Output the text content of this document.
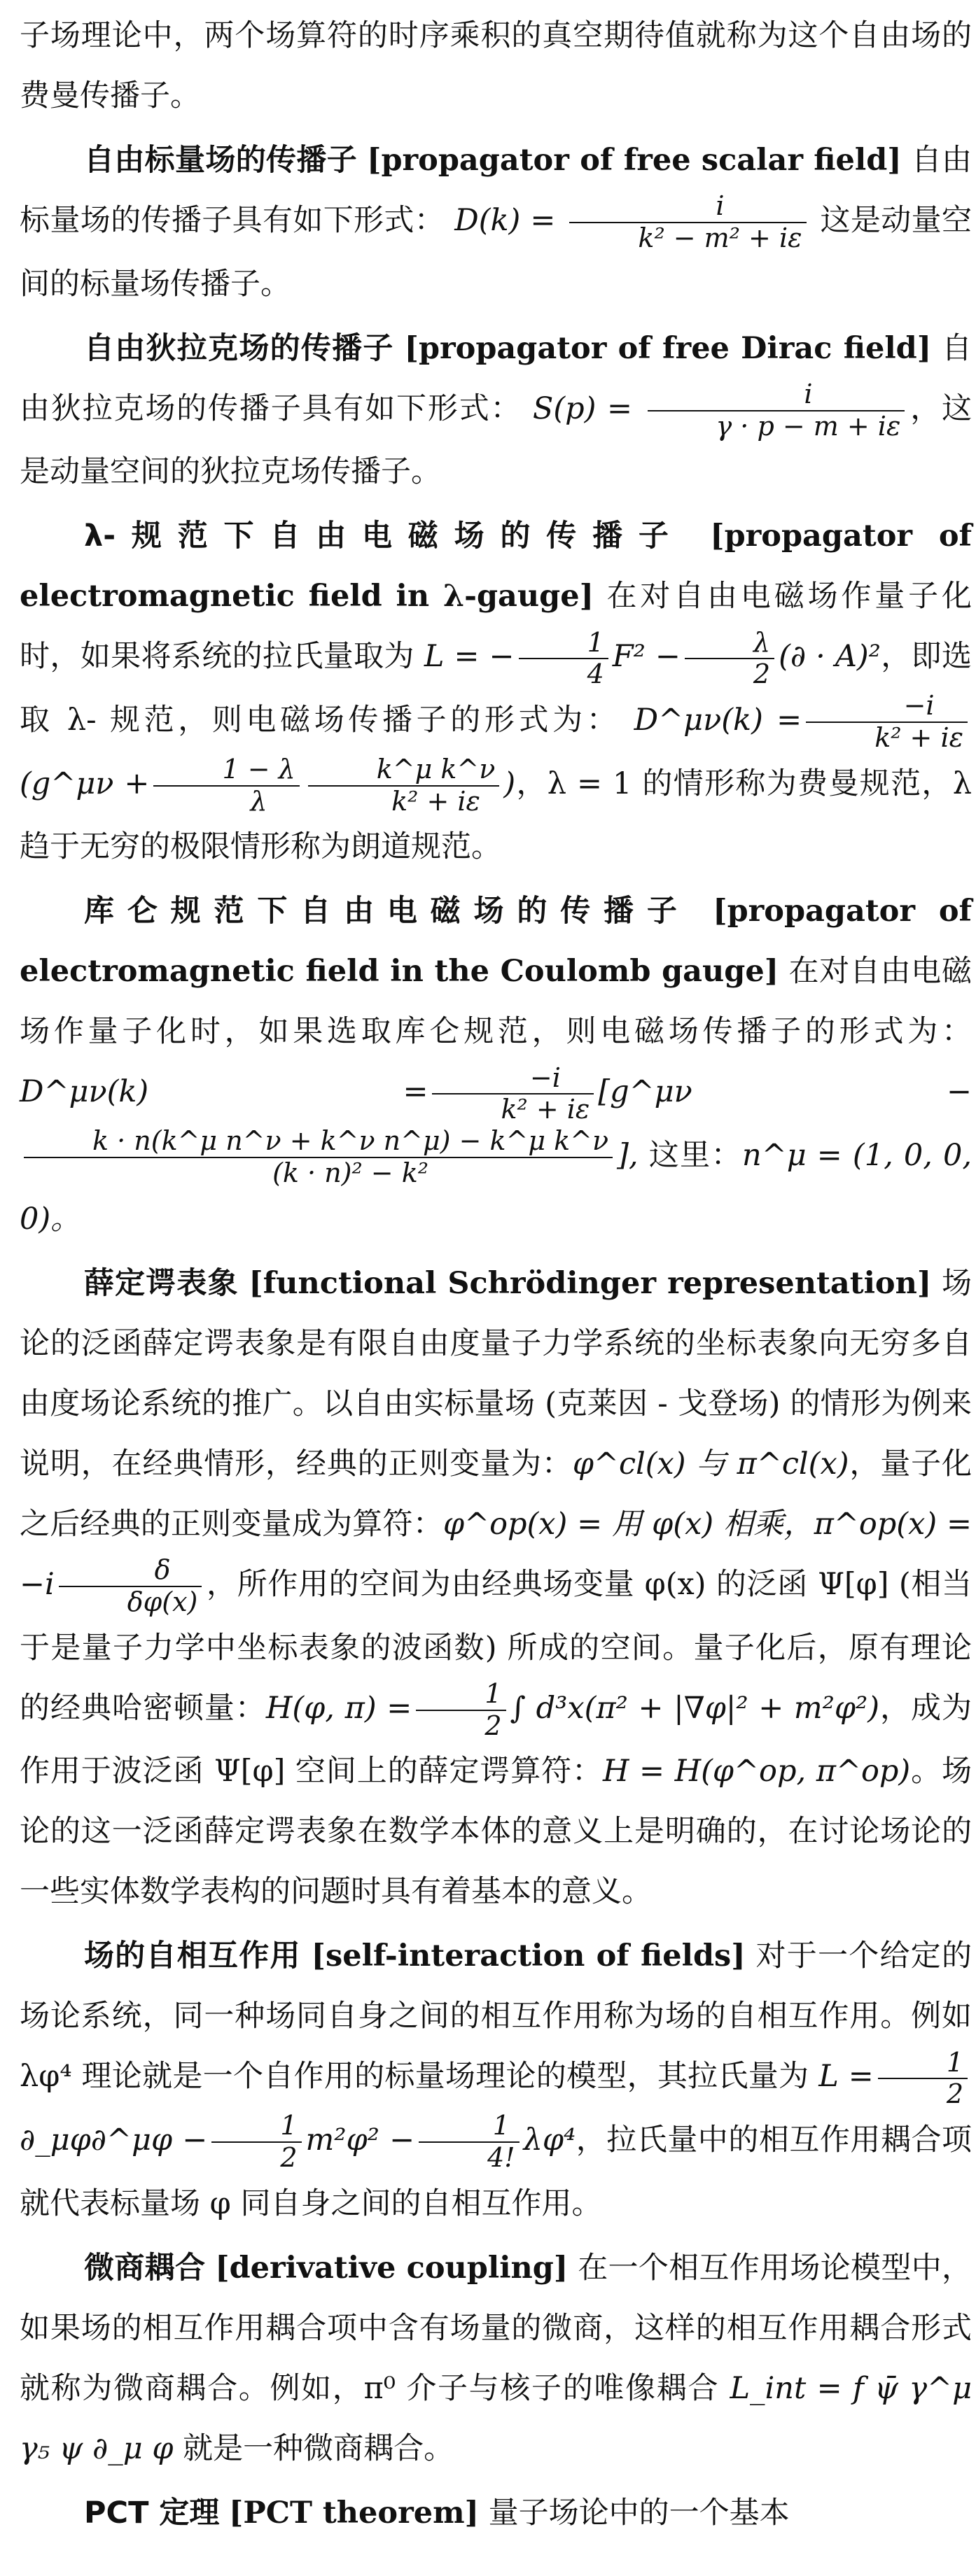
子场理论中，两个场算符的时序乘积的真空期待值就称为这个自由场的费曼传播子。

自由标量场的传播子 [propagator of free scalar field] 自由标量场的传播子具有如下形式： $D(k) = \frac{i}{\text{k² − m² + iε}}$ 这是动量空间的标量场传播子。

自由狄拉克场的传播子 [propagator of free Dirac field] 自由狄拉克场的传播子具有如下形式： $S(p) = \frac{i}{\gamma \cdot p - m + i\varepsilon}$ ，这是动量空间的狄拉克场传播子。

λ-规范下自由电磁场的传播子 [propagator of electromagnetic field in λ-gauge] 在对自由电磁场作量子化时，如果将系统的拉氏量取为 L = − $\frac{1}{4} F^2 - \frac{\lambda}{2}$ (∂ · A)²，即选取 λ- 规范，则电磁场传播子的形式为： D^μν(k) = $\frac{-i}{\text{k² + iε}}$
(g^μν + $\frac{1 - \lambda}{\lambda} \frac{\text{k\textasciicircum{}μ k\textasciicircum{}ν}}{\text{k² + iε}}$ )，λ = 1 的情形称为费曼规范，λ 趋于无穷的极限情形称为朗道规范。

库仑规范下自由电磁场的传播子 [propagator of electromagnetic field in the Coulomb gauge] 在对自由电磁场作量子化时，如果选取库仑规范，则电磁场传播子的形式为： D^μν(k) = $\frac{-i}{\text{k² + iε}}$ [g^μν −
$\frac{\text{k · n(k\textasciicircum{}μ n\textasciicircum{}ν + k\textasciicircum{}ν n\textasciicircum{}μ) − k\textasciicircum{}μ k\textasciicircum{}ν}}{\text{(k · n)² − k²}}$ ], 这里：n^μ = (1, 0, 0, 0)。

薛定谔表象 [functional Schrödinger representation] 场论的泛函薛定谔表象是有限自由度量子力学系统的坐标表象向无穷多自由度场论系统的推广。以自由实标量场 (克莱因 - 戈登场) 的情形为例来说明，在经典情形，经典的正则变量为：φ^cl(x) 与 π^cl(x)，量子化之后经典的正则变量成为算符：φ^op(x) = 用 φ(x) 相乘，π^op(x) = $-i \frac{\delta}{\delta\varphi(x)}$ ，所作用的空间为由经典场变量 φ(x) 的泛函 Ψ[φ] (相当于是量子力学中坐标表象的波函数) 所成的空间。量子化后，原有理论的经典哈密顿量：H(φ, $\pi) = \frac{1}{2}$ ∫ d³x(π² + |∇φ|² + m²φ²)，成为作用于波泛函 Ψ[φ] 空间上的薛定谔算符：H = H(φ^op, π^op)。场论的这一泛函薛定谔表象在数学本体的意义上是明确的，在讨论场论的一些实体数学表构的问题时具有着基本的意义。

场的自相互作用 [self-interaction of fields] 对于一个给定的场论系统，同一种场同自身之间的相互作用称为场的自相互作用。例如 λφ⁴ 理论就是一个自作用的标量场理论的模型，其拉氏量为 $L = \frac{1}{2}$
∂_μφ∂^μφ − $\frac{1}{2} m^2\varphi^2 - \frac{1}{4!} \lambda\varphi^4$，拉氏量中的相互作用耦合项就代表标量场 φ 同自身之间的自相互作用。

微商耦合 [derivative coupling] 在一个相互作用场论模型中，如果场的相互作用耦合项中含有场量的微商，这样的相互作用耦合形式就称为微商耦合。例如，π⁰ 介子与核子的唯像耦合 L_int = f ψ̄ γ^μ γ₅ ψ ∂_μ φ 就是一种微商耦合。

PCT 定理 [PCT theorem] 量子场论中的一个基本
